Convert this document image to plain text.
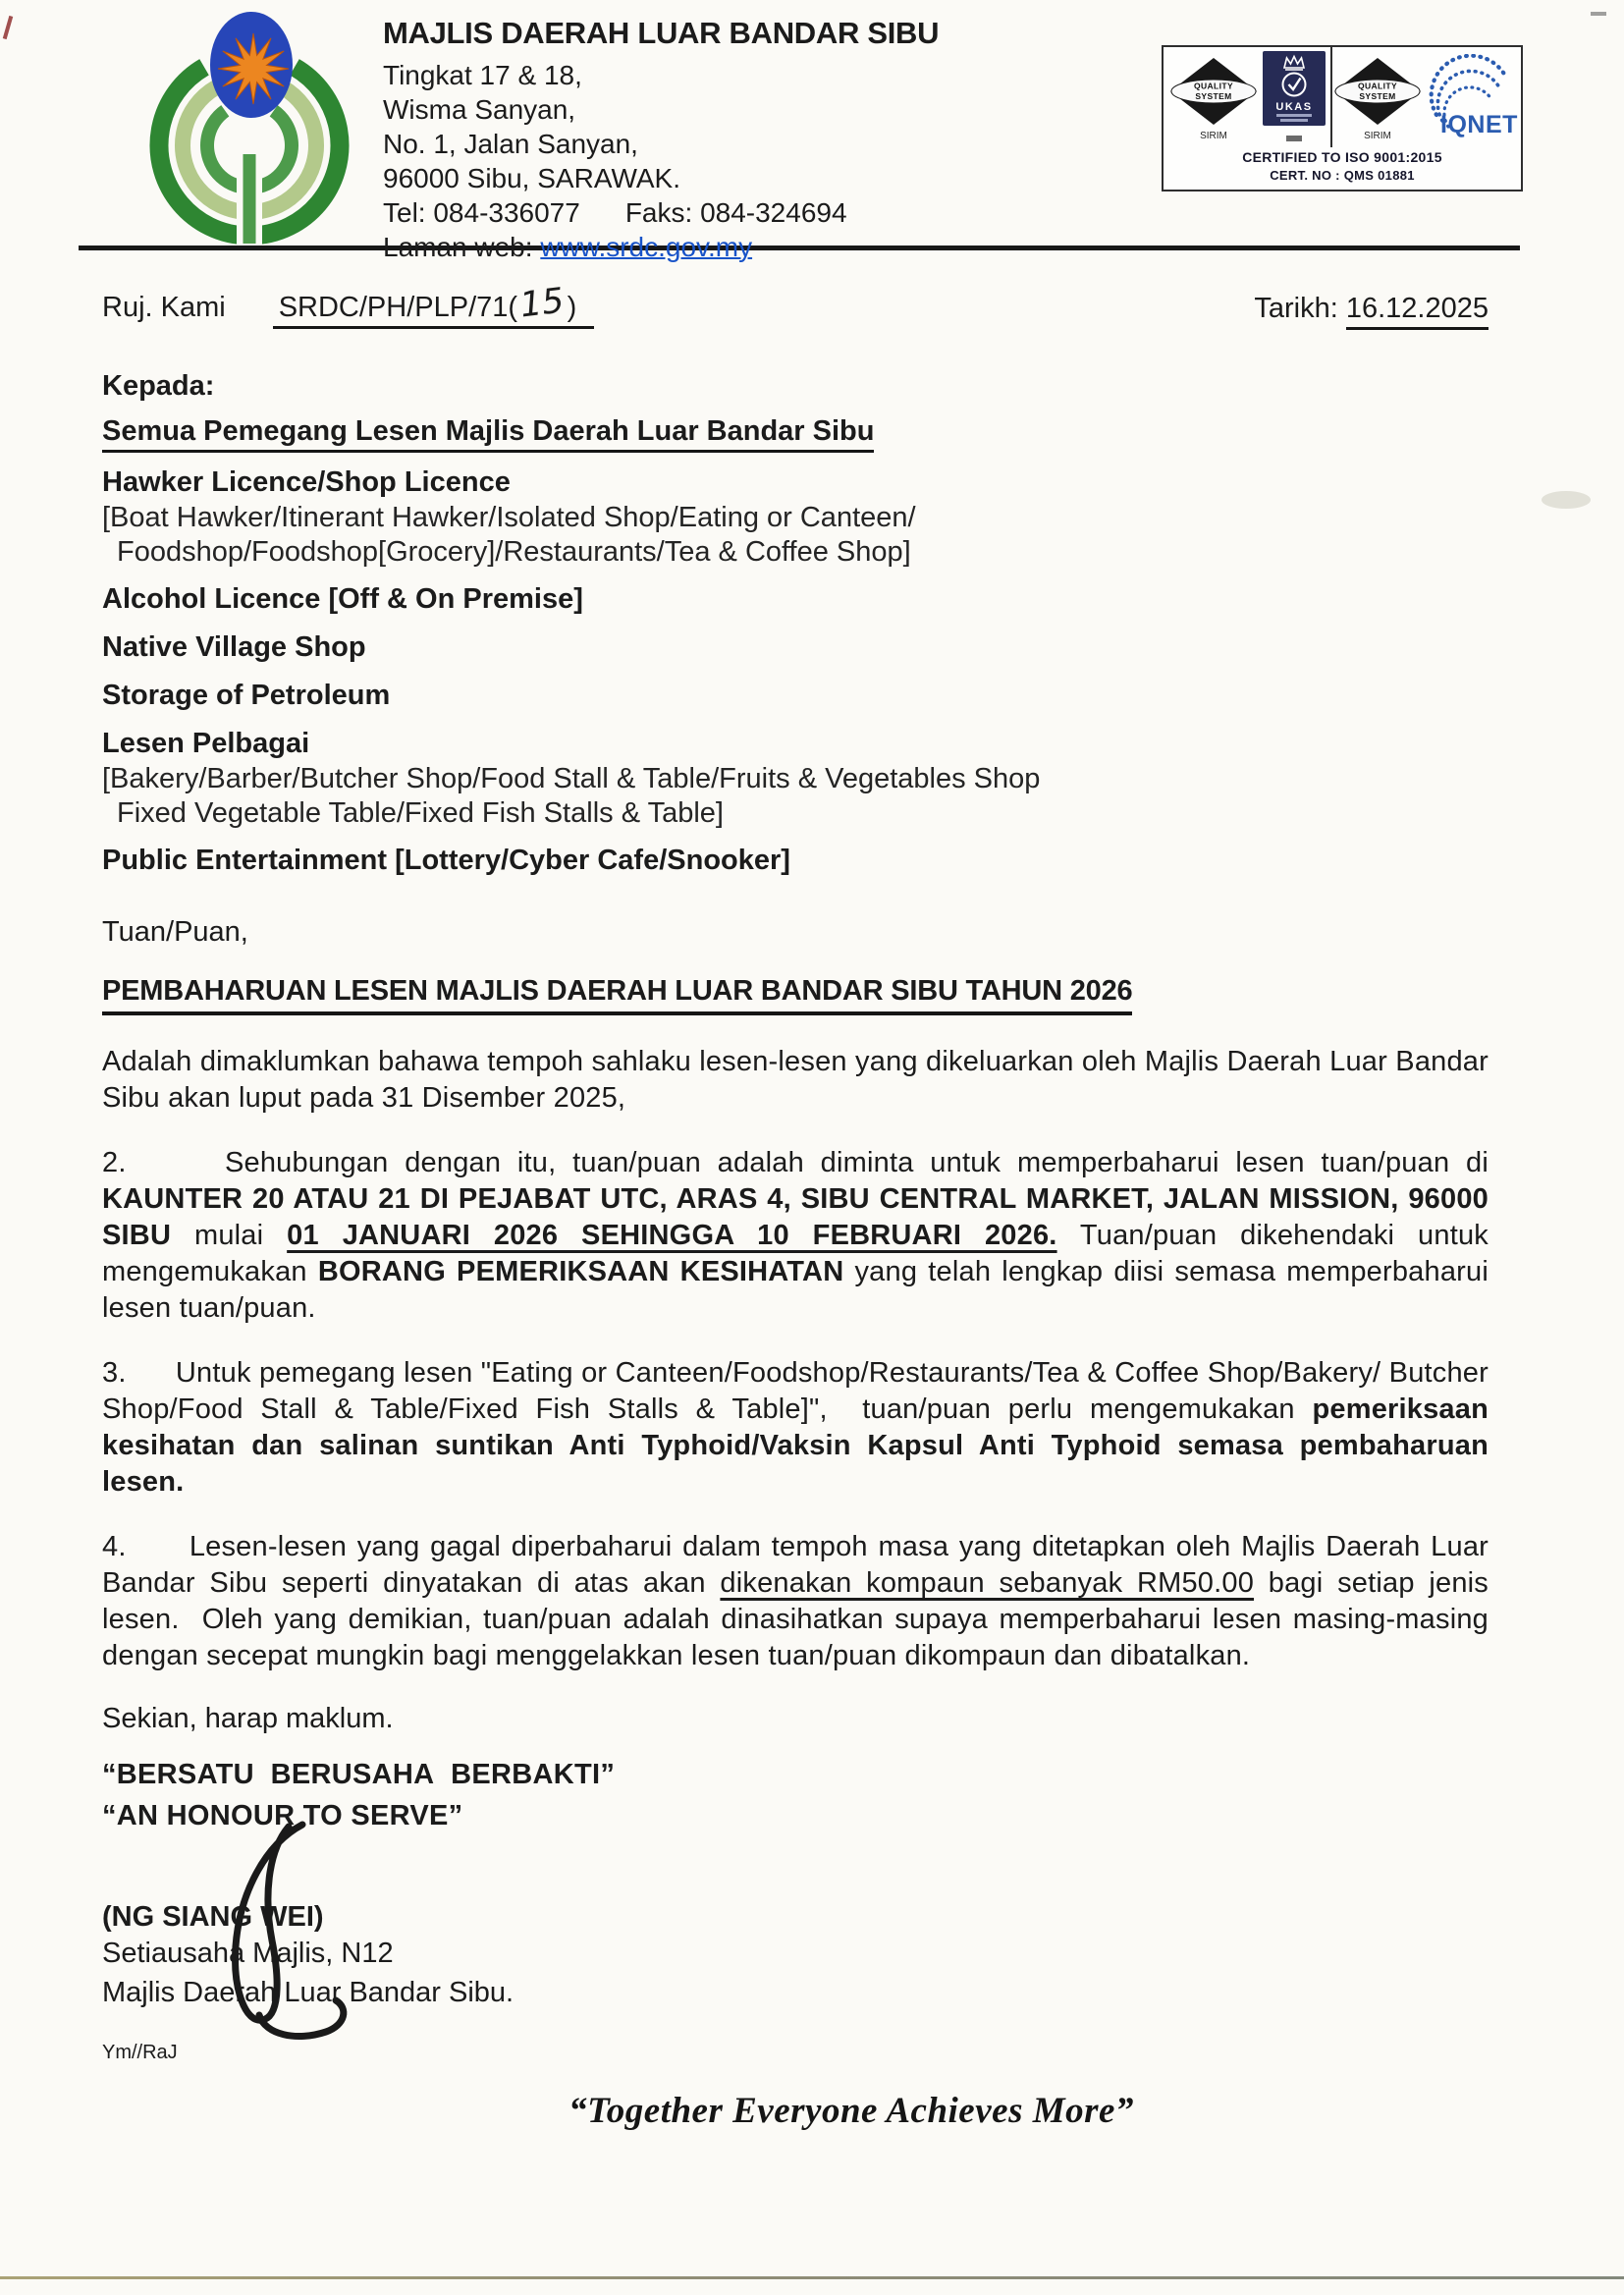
MAJLIS DAERAH LUAR BANDAR SIBU
Tingkat 17 & 18,
Wisma Sanyan,
No. 1, Jalan Sanyan,
96000 Sibu, SARAWAK.
Tel: 084-336077 Faks: 084-324694
Laman web: www.srdc.gov.my
QUALITY
SYSTEM
SIRIM
UKAS
QUALITY
SYSTEM
SIRIM IQNET
CERTIFIED TO ISO 9001:2015
CERT. NO : QMS 01881
Ruj. Kami SRDC/PH/PLP/71(15)	Tarikh: 16.12.2025
Kepada:
Semua Pemegang Lesen Majlis Daerah Luar Bandar Sibu
Hawker Licence/Shop Licence
[Boat Hawker/Itinerant Hawker/Isolated Shop/Eating or Canteen/
Foodshop/Foodshop[Grocery]/Restaurants/Tea & Coffee Shop]
Alcohol Licence [Off & On Premise]
Native Village Shop
Storage of Petroleum
Lesen Pelbagai
[Bakery/Barber/Butcher Shop/Food Stall & Table/Fruits & Vegetables Shop
Fixed Vegetable Table/Fixed Fish Stalls & Table]
Public Entertainment [Lottery/Cyber Cafe/Snooker]

Tuan/Puan,

PEMBAHARUAN LESEN MAJLIS DAERAH LUAR BANDAR SIBU TAHUN 2026

Adalah dimaklumkan bahawa tempoh sahlaku lesen-lesen yang dikeluarkan oleh Majlis Daerah Luar Bandar Sibu akan luput pada 31 Disember 2025,

2.      Sehubungan dengan itu, tuan/puan adalah diminta untuk memperbaharui lesen tuan/puan di KAUNTER 20 ATAU 21 DI PEJABAT UTC, ARAS 4, SIBU CENTRAL MARKET, JALAN MISSION, 96000 SIBU mulai 01 JANUARI 2026 SEHINGGA 10 FEBRUARI 2026. Tuan/puan dikehendaki untuk mengemukakan BORANG PEMERIKSAAN KESIHATAN yang telah lengkap diisi semasa memperbaharui lesen tuan/puan.

3.      Untuk pemegang lesen "Eating or Canteen/Foodshop/Restaurants/Tea & Coffee Shop/Bakery/ Butcher Shop/Food Stall & Table/Fixed Fish Stalls & Table]",  tuan/puan perlu mengemukakan pemeriksaan kesihatan dan salinan suntikan Anti Typhoid/Vaksin Kapsul Anti Typhoid semasa pembaharuan lesen.

4.      Lesen-lesen yang gagal diperbaharui dalam tempoh masa yang ditetapkan oleh Majlis Daerah Luar Bandar Sibu seperti dinyatakan di atas akan dikenakan kompaun sebanyak RM50.00 bagi setiap jenis lesen.  Oleh yang demikian, tuan/puan adalah dinasihatkan supaya memperbaharui lesen masing-masing dengan secepat mungkin bagi menggelakkan lesen tuan/puan dikompaun dan dibatalkan.

Sekian, harap maklum.

“BERSATU  BERUSAHA  BERBAKTI”
“AN HONOUR TO SERVE”
(NG SIANG WEI)
Setiausaha Majlis, N12
Majlis Daerah Luar Bandar Sibu.
Ym//RaJ
“Together Everyone Achieves More”
